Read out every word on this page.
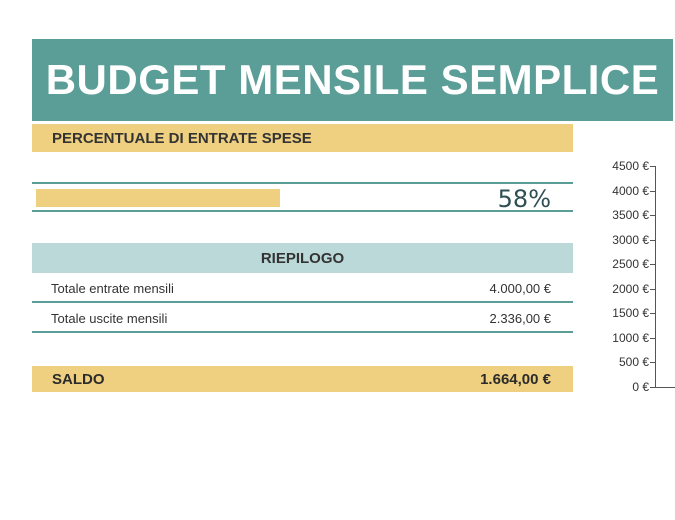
BUDGET MENSILE SEMPLICE
PERCENTUALE DI ENTRATE SPESE
58%
RIEPILOGO
Totale entrate mensili	4.000,00 €
Totale uscite mensili	2.336,00 €
SALDO	1.664,00 €	0 €
500 €
1000 €
1500 €
2000 €
2500 €
3000 €
3500 €
4000 €
4500 €
